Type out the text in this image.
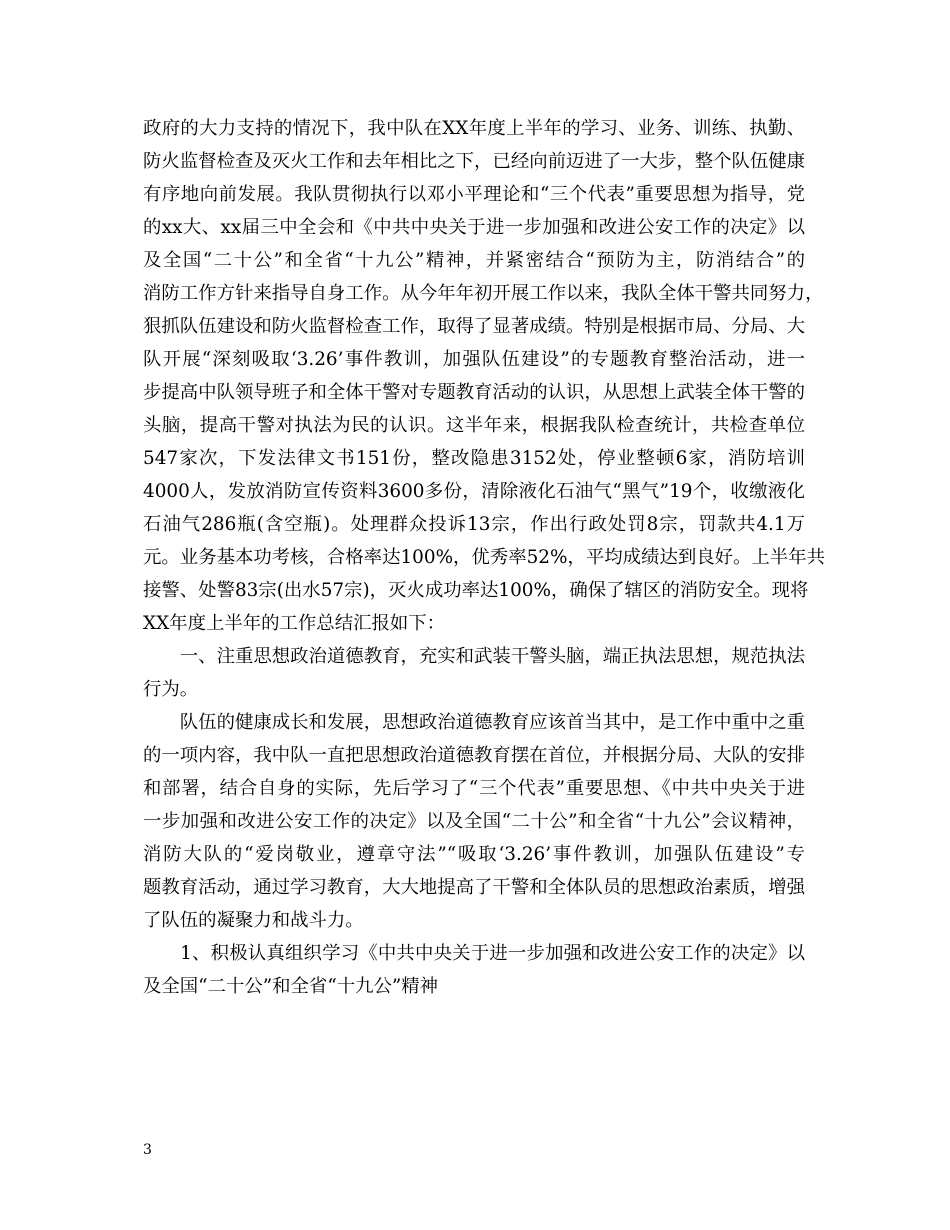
政府的大力支持的情况下，我中队在XX年度上半年的学习、业务、训练、执勤、
防火监督检查及灭火工作和去年相比之下，已经向前迈进了一大步，整个队伍健康
有序地向前发展。我队贯彻执行以邓小平理论和“三个代表”重要思想为指导，党
的xx大、xx届三中全会和《中共中央关于进一步加强和改进公安工作的决定》以
及全国“二十公”和全省“十九公”精神，并紧密结合“预防为主，防消结合”的
消防工作方针来指导自身工作。从今年年初开展工作以来，我队全体干警共同努力，
狠抓队伍建设和防火监督检查工作，取得了显著成绩。特别是根据市局、分局、大
队开展“深刻吸取‘3.26’事件教训，加强队伍建设”的专题教育整治活动，进一
步提高中队领导班子和全体干警对专题教育活动的认识，从思想上武装全体干警的
头脑，提高干警对执法为民的认识。这半年来，根据我队检查统计，共检查单位
547家次，下发法律文书151份，整改隐患3152处，停业整顿6家，消防培训
4000人，发放消防宣传资料3600多份，清除液化石油气“黑气”19个，收缴液化
石油气286瓶(含空瓶)。处理群众投诉13宗，作出行政处罚8宗，罚款共4.1万
元。业务基本功考核，合格率达100%，优秀率52%，平均成绩达到良好。上半年共
接警、处警83宗(出水57宗)，灭火成功率达100%，确保了辖区的消防安全。现将
XX年度上半年的工作总结汇报如下：
　　一、注重思想政治道德教育，充实和武装干警头脑，端正执法思想，规范执法
行为。
　　队伍的健康成长和发展，思想政治道德教育应该首当其中，是工作中重中之重
的一项内容，我中队一直把思想政治道德教育摆在首位，并根据分局、大队的安排
和部署，结合自身的实际，先后学习了“三个代表”重要思想、《中共中央关于进
一步加强和改进公安工作的决定》以及全国“二十公”和全省“十九公”会议精神，
消防大队的“爱岗敬业，遵章守法”“吸取‘3.26’事件教训，加强队伍建设”专
题教育活动，通过学习教育，大大地提高了干警和全体队员的思想政治素质，增强
了队伍的凝聚力和战斗力。
　　1、积极认真组织学习《中共中央关于进一步加强和改进公安工作的决定》以
及全国“二十公”和全省“十九公”精神
3
